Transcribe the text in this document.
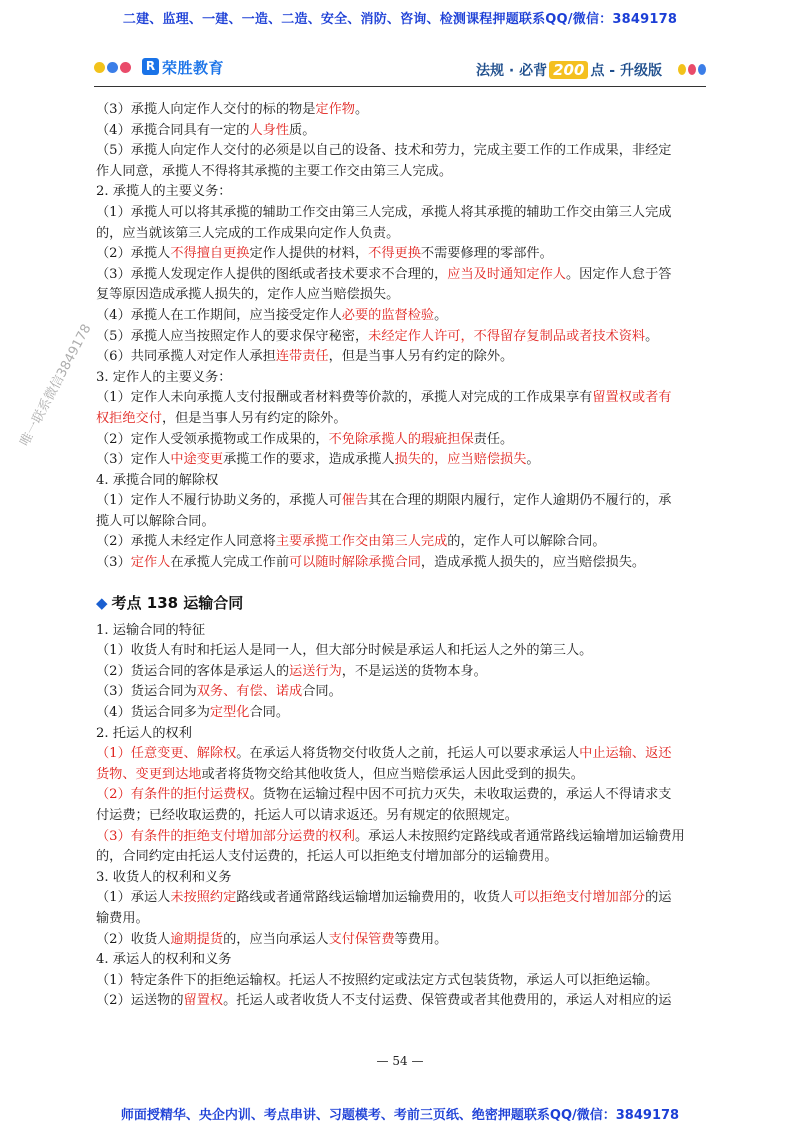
二建、监理、一建、一造、二造、安全、消防、咨询、检测课程押题联系QQ/微信：3849178
R 荣胜教育	法规 · 必背 200 点 - 升级版
（3）承揽人向定作人交付的标的物是定作物。
（4）承揽合同具有一定的人身性质。
（5）承揽人向定作人交付的必须是以自己的设备、技术和劳力，完成主要工作的工作成果，非经定
作人同意，承揽人不得将其承揽的主要工作交由第三人完成。
2. 承揽人的主要义务：
（1）承揽人可以将其承揽的辅助工作交由第三人完成，承揽人将其承揽的辅助工作交由第三人完成
的，应当就该第三人完成的工作成果向定作人负责。
（2）承揽人不得擅自更换定作人提供的材料，不得更换不需要修理的零部件。
（3）承揽人发现定作人提供的图纸或者技术要求不合理的，应当及时通知定作人。因定作人怠于答
复等原因造成承揽人损失的，定作人应当赔偿损失。
（4）承揽人在工作期间，应当接受定作人必要的监督检验。
（5）承揽人应当按照定作人的要求保守秘密，未经定作人许可，不得留存复制品或者技术资料。
（6）共同承揽人对定作人承担连带责任，但是当事人另有约定的除外。
3. 定作人的主要义务：
（1）定作人未向承揽人支付报酬或者材料费等价款的，承揽人对完成的工作成果享有留置权或者有
权拒绝交付，但是当事人另有约定的除外。
（2）定作人受领承揽物或工作成果的，不免除承揽人的瑕疵担保责任。
（3）定作人中途变更承揽工作的要求，造成承揽人损失的，应当赔偿损失。
4. 承揽合同的解除权
（1）定作人不履行协助义务的，承揽人可催告其在合理的期限内履行，定作人逾期仍不履行的，承
揽人可以解除合同。
（2）承揽人未经定作人同意将主要承揽工作交由第三人完成的，定作人可以解除合同。
（3）定作人在承揽人完成工作前可以随时解除承揽合同，造成承揽人损失的，应当赔偿损失。
◆ 考点 138 运输合同
1. 运输合同的特征
（1）收货人有时和托运人是同一人，但大部分时候是承运人和托运人之外的第三人。
（2）货运合同的客体是承运人的运送行为，不是运送的货物本身。
（3）货运合同为双务、有偿、诺成合同。
（4）货运合同多为定型化合同。
2. 托运人的权利
（1）任意变更、解除权。在承运人将货物交付收货人之前，托运人可以要求承运人中止运输、返还
货物、变更到达地或者将货物交给其他收货人，但应当赔偿承运人因此受到的损失。
（2）有条件的拒付运费权。货物在运输过程中因不可抗力灭失，未收取运费的，承运人不得请求支
付运费；已经收取运费的，托运人可以请求返还。另有规定的依照规定。
（3）有条件的拒绝支付增加部分运费的权利。承运人未按照约定路线或者通常路线运输增加运输费用
的，合同约定由托运人支付运费的，托运人可以拒绝支付增加部分的运输费用。
3. 收货人的权利和义务
（1）承运人未按照约定路线或者通常路线运输增加运输费用的，收货人可以拒绝支付增加部分的运
输费用。
（2）收货人逾期提货的，应当向承运人支付保管费等费用。
4. 承运人的权利和义务
（1）特定条件下的拒绝运输权。托运人不按照约定或法定方式包装货物，承运人可以拒绝运输。
（2）运送物的留置权。托运人或者收货人不支付运费、保管费或者其他费用的，承运人对相应的运
唯一联系微信3849178
— 54 —
师面授精华、央企内训、考点串讲、习题模考、考前三页纸、绝密押题联系QQ/微信：3849178
